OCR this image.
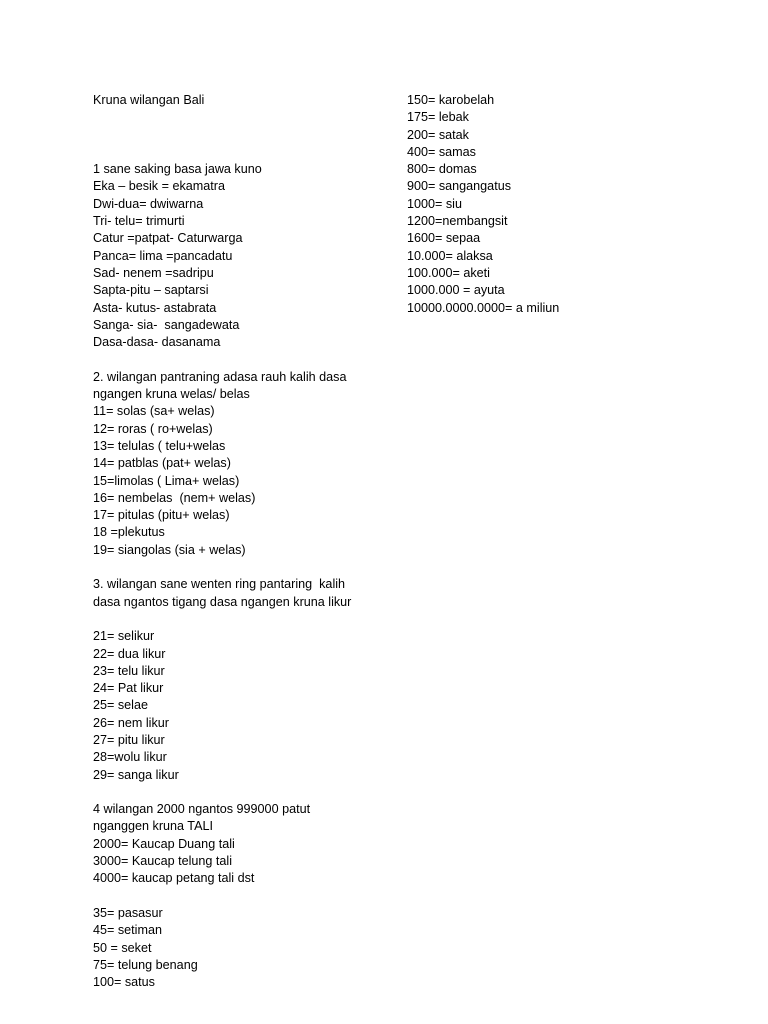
Kruna wilangan Bali
1 sane saking basa jawa kuno
Eka – besik = ekamatra
Dwi-dua= dwiwarna
Tri- telu= trimurti
Catur =patpat- Caturwarga
Panca= lima =pancadatu
Sad- nenem =sadripu
Sapta-pitu – saptarsi
Asta- kutus- astabrata
Sanga- sia-  sangadewata
Dasa-dasa- dasanama
2. wilangan pantraning adasa rauh kalih dasa
ngangen kruna welas/ belas
11= solas (sa+ welas)
12= roras ( ro+welas)
13= telulas ( telu+welas
14= patblas (pat+ welas)
15=limolas ( Lima+ welas)
16= nembelas  (nem+ welas)
17= pitulas (pitu+ welas)
18 =plekutus
19= siangolas (sia + welas)
3. wilangan sane wenten ring pantaring  kalih
dasa ngantos tigang dasa ngangen kruna likur
21= selikur
22= dua likur
23= telu likur
24= Pat likur
25= selae
26= nem likur
27= pitu likur
28=wolu likur
29= sanga likur
4 wilangan 2000 ngantos 999000 patut
nganggen kruna TALI
2000= Kaucap Duang tali
3000= Kaucap telung tali
4000= kaucap petang tali dst
35= pasasur
45= setiman
50 = seket
75= telung benang
100= satus
150= karobelah
175= lebak
200= satak
400= samas
800= domas
900= sangangatus
1000= siu
1200=nembangsit
1600= sepaa
10.000= alaksa
100.000= aketi
1000.000 = ayuta
10000.0000.0000= a miliun
